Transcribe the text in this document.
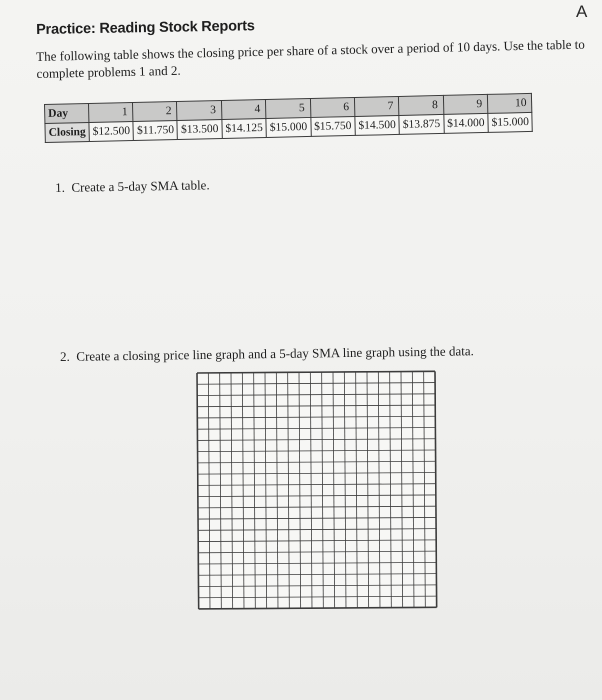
A
Practice: Reading Stock Reports
The following table shows the closing price per share of a stock over a period of 10 days. Use the table to complete problems 1 and 2.
Day	1	2	3	4	5	6	7	8	9	10
Closing	$12.500	$11.750	$13.500	$14.125	$15.000	$15.750	$14.500	$13.875	$14.000	$15.000
1. Create a 5-day SMA table.
2. Create a closing price line graph and a 5-day SMA line graph using the data.
